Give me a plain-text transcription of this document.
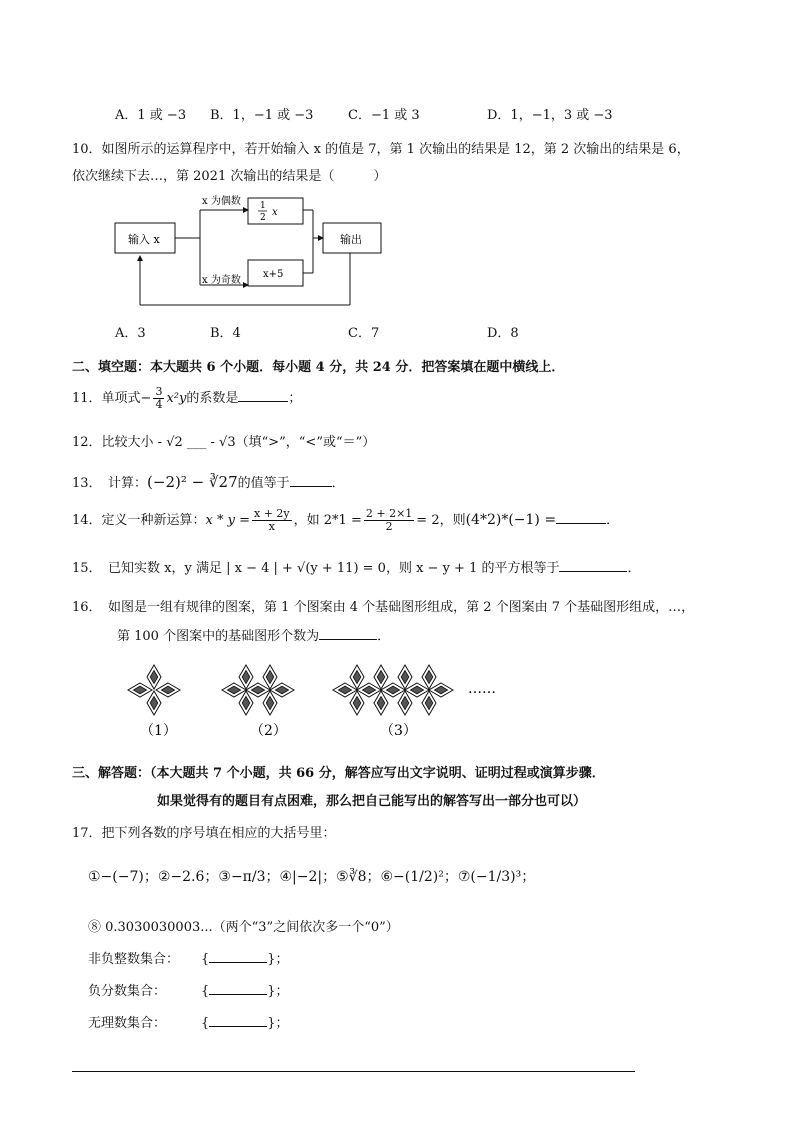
A．1 或 −3 B．1，−1 或 −3	C．−1 或 3	D．1，−1，3 或 −3
10．如图所示的运算程序中，若开始输入 x 的值是 7，第 1 次输出的结果是 12，第 2 次输出的结果是 6，
依次继续下去…，第 2021 次输出的结果是（　　　）
输入 x
x 为偶数
x 为奇数
1
2 x
x+5
输出
A．3	B．4	C．7	D．8
二、填空题：本大题共 6 个小题．每小题 4 分，共 24 分．把答案填在题中横线上．
11．单项式− $\frac{3}{4} x^2y$的系数是	；
12．比较大小 - √2 ___ - √3（填“>”，“<”或“＝”）
13．　计算：(−2)² − ∛27的值等于	．
14．定义一种新运算：$x * y = \frac{x + 2y}{x}$ ，如 $2*1 = \frac{2 + 2\times 1}{2} = 2$，则(4*2)*(−1) =	．
15．　已知实数 x，y 满足 | x − 4 | + √(y + 11) = 0，则 x − y + 1 的平方根等于	．
16．　如图是一组有规律的图案，第 1 个图案由 4 个基础图形组成，第 2 个图案由 7 个基础图形组成，…，
第 100 个图案中的基础图形个数为	．
（1）	（2）	（3）
……
三、解答题：（本大题共 7 个小题，共 66 分，解答应写出文字说明、证明过程或演算步骤．
如果觉得有的题目有点困难，那么把自己能写出的解答写出一部分也可以）
17．把下列各数的序号填在相应的大括号里：
①−(−7)；②−2.6；③−π/3；④|−2|；⑤∛8；⑥−(1/2)²；⑦(−1/3)³；
⑧ 0.3030030003...（两个“3”之间依次多一个“0”）
非负整数集合： {	}；
负分数集合：	{	}；
无理数集合：	{	}；
